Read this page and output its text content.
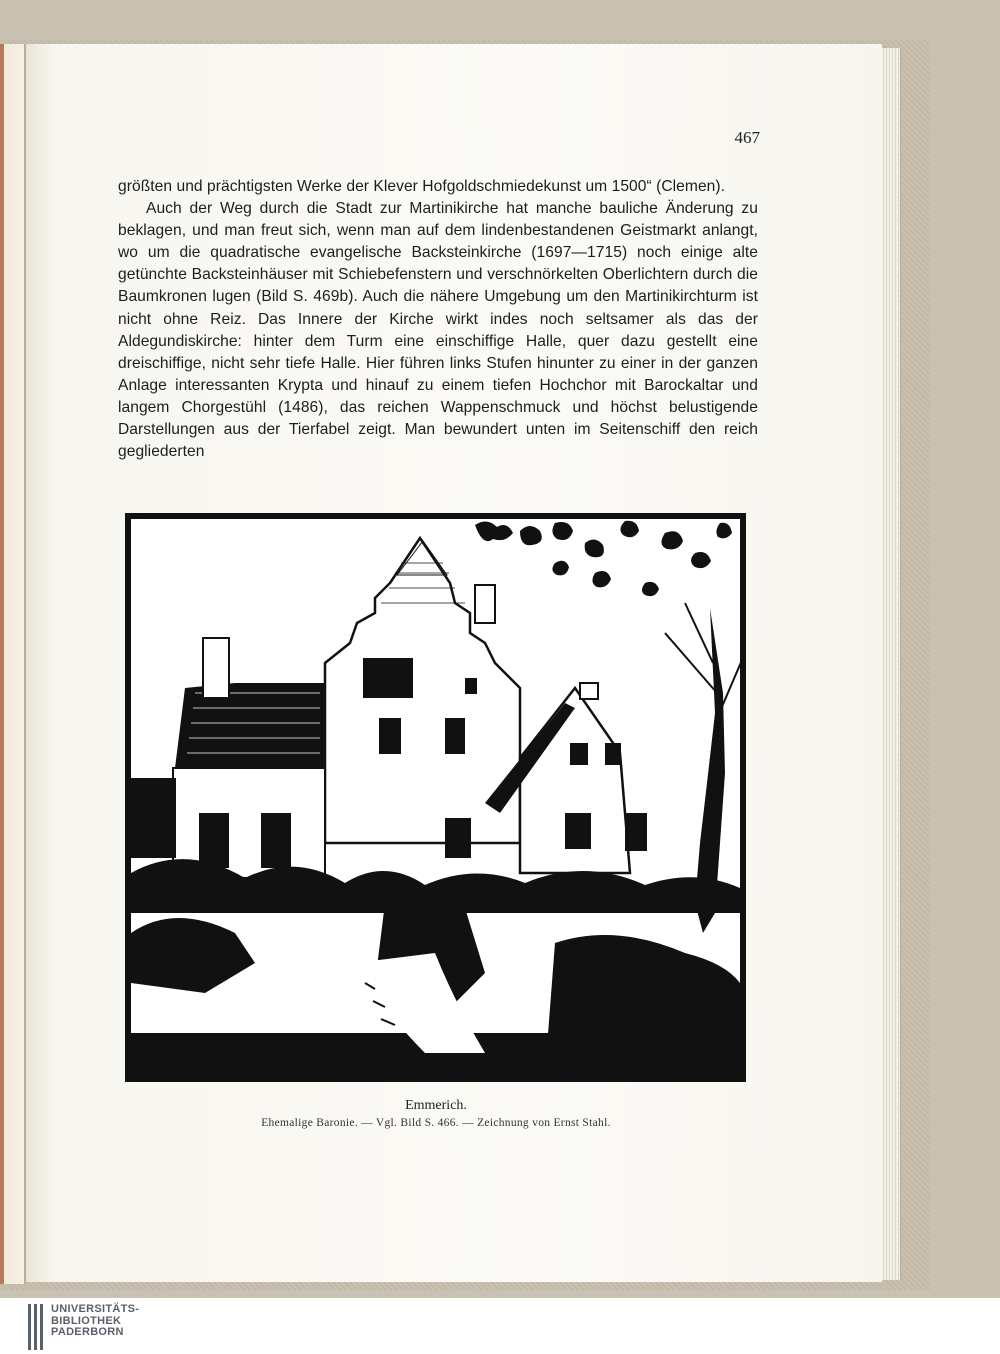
467

größten und prächtigsten Werke der Klever Hofgoldschmiedekunst um 1500“ (Clemen).

Auch der Weg durch die Stadt zur Martinikirche hat manche bauliche Änderung zu beklagen, und man freut sich, wenn man auf dem lindenbestandenen Geistmarkt anlangt, wo um die quadratische evangelische Backsteinkirche (1697—1715) noch einige alte getünchte Backsteinhäuser mit Schiebefenstern und verschnörkelten Oberlichtern durch die Baumkronen lugen (Bild S. 469b). Auch die nähere Umgebung um den Martinikirchturm ist nicht ohne Reiz. Das Innere der Kirche wirkt indes noch seltsamer als das der Aldegundiskirche: hinter dem Turm eine einschiffige Halle, quer dazu gestellt eine dreischiffige, nicht sehr tiefe Halle. Hier führen links Stufen hinunter zu einer in der ganzen Anlage interessanten Krypta und hinauf zu einem tiefen Hochchor mit Barockaltar und langem Chorgestühl (1486), das reichen Wappenschmuck und höchst belustigende Darstellungen aus der Tierfabel zeigt. Man bewundert unten im Seitenschiff den reich gegliederten

Ernst Stahl 1910
Emmerich.
Ehemalige Baronie. — Vgl. Bild S. 466. — Zeichnung von Ernst Stahl.
UNIVERSITÄTS-
BIBLIOTHEK
PADERBORN
